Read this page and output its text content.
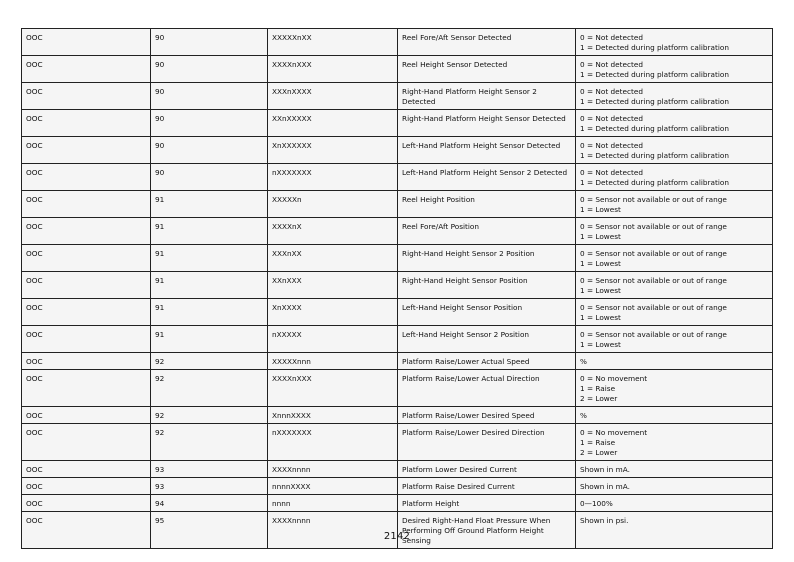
OOC	90	XXXXXnXX	Reel Fore/Aft Sensor Detected	0 = Not detected
1 = Detected during platform calibration

OOC	90	XXXXnXXX	Reel Height Sensor Detected	0 = Not detected
1 = Detected during platform calibration

OOC	90	XXXnXXXX	Right-Hand Platform Height Sensor 2 Detected	0 = Not detected
1 = Detected during platform calibration

OOC	90	XXnXXXXX	Right-Hand Platform Height Sensor Detected	0 = Not detected
1 = Detected during platform calibration

OOC	90	XnXXXXXX	Left-Hand Platform Height Sensor Detected	0 = Not detected
1 = Detected during platform calibration

OOC	90	nXXXXXXX	Left-Hand Platform Height Sensor 2 Detected	0 = Not detected
1 = Detected during platform calibration

OOC	91	XXXXXn	Reel Height Position	0 = Sensor not available or out of range
1 = Lowest

OOC	91	XXXXnX	Reel Fore/Aft Position	0 = Sensor not available or out of range
1 = Lowest

OOC	91	XXXnXX	Right-Hand Height Sensor 2 Position	0 = Sensor not available or out of range
1 = Lowest

OOC	91	XXnXXX	Right-Hand Height Sensor Position	0 = Sensor not available or out of range
1 = Lowest

OOC	91	XnXXXX	Left-Hand Height Sensor Position	0 = Sensor not available or out of range
1 = Lowest

OOC	91	nXXXXX	Left-Hand Height Sensor 2 Position	0 = Sensor not available or out of range
1 = Lowest

OOC	92	XXXXXnnn	Platform Raise/Lower Actual Speed	%

OOC	92	XXXXnXXX	Platform Raise/Lower Actual Direction	0 = No movement
1 = Raise
2 = Lower

OOC	92	XnnnXXXX	Platform Raise/Lower Desired Speed	%

OOC	92	nXXXXXXX	Platform Raise/Lower Desired Direction	0 = No movement
1 = Raise
2 = Lower

OOC	93	XXXXnnnn	Platform Lower Desired Current	Shown in mA.

OOC	93	nnnnXXXX	Platform Raise Desired Current	Shown in mA.

OOC	94	nnnn	Platform Height	0—100%

OOC	95	XXXXnnnn	Desired Right-Hand Float Pressure When Performing Off Ground Platform Height Sensing	Shown in psi.
2142
